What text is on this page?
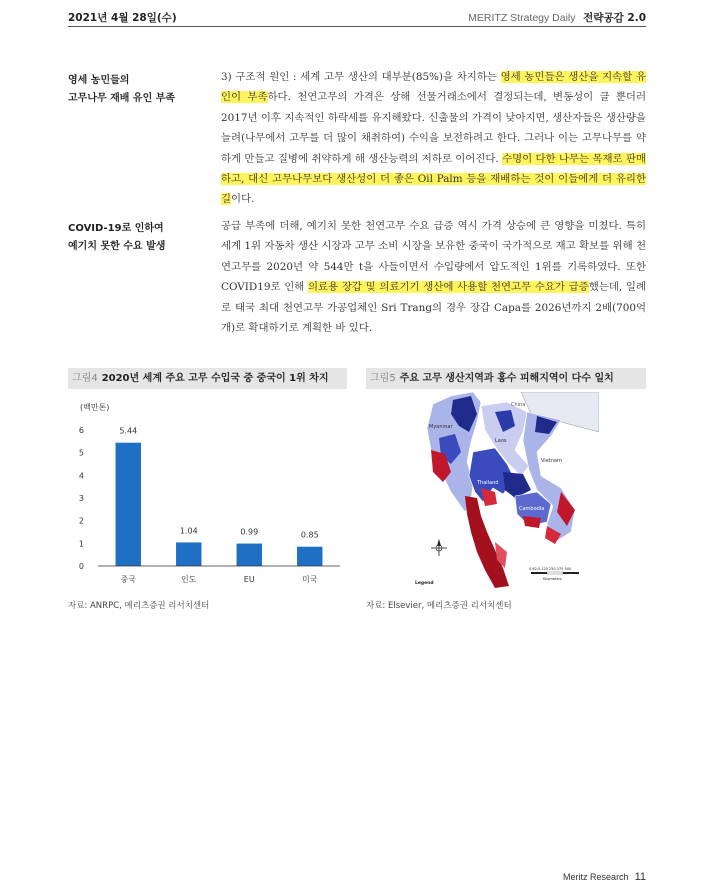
2021년 4월 28일(수)	MERITZ Strategy Daily 전략공감 2.0
영세 농민들의
고무나무 재배 유인 부족

3) 구조적 원인 : 세계 고무 생산의 대부분(85%)을 차지하는 영세 농민들은 생산을 지속할 유인이 부족하다. 천연고무의 가격은 상해 선물거래소에서 결정되는데, 변동성이 클 뿐더러 2017년 이후 지속적인 하락세를 유지해왔다. 신출물의 가격이 낮아지면, 생산자들은 생산량을 늘려(나무에서 고무를 더 많이 채취하여) 수익을 보전하려고 한다. 그러나 이는 고무나무를 약하게 만들고 질병에 취약하게 해 생산능력의 저하로 이어진다. 수명이 다한 나무는 목재로 판매하고, 대신 고무나무보다 생산성이 더 좋은 Oil Palm 등을 재배하는 것이 이들에게 더 유리한 길이다.

COVID-19로 인하여
예기치 못한 수요 발생

공급 부족에 더해, 예기치 못한 천연고무 수요 급증 역시 가격 상승에 큰 영향을 미쳤다. 특히 세계 1위 자동차 생산 시장과 고무 소비 시장을 보유한 중국이 국가적으로 재고 확보를 위해 천연고무를 2020년 약 544만 t을 사들이면서 수입량에서 압도적인 1위를 기록하였다. 또한 COVID19로 인해 의료용 장갑 및 의료기기 생산에 사용할 천연고무 수요가 급증했는데, 일례로 태국 최대 천연고무 가공업체인 Sri Trang의 경우 장갑 Capa를 2026년까지 2배(700억 개)로 확대하기로 계획한 바 있다.

그림4 2020년 세계 주요 고무 수입국 중 중국이 1위 차지	그림5 주요 고무 생산지역과 홍수 피해지역이 다수 일치
(백만톤)
0
1
2
3
4
5
6	5.44
1.04	0.99	0.85
중국	인도	EU	미국
China
Myanmar
Laos
Vietnam
Thailand
Cambodia
Legend
0 62.5 125 250 375 500
Kilometers
자료: ANRPC, 메리츠증권 리서치센터	자료: Elsevier, 메리츠증권 리서치센터
Meritz Research 11
